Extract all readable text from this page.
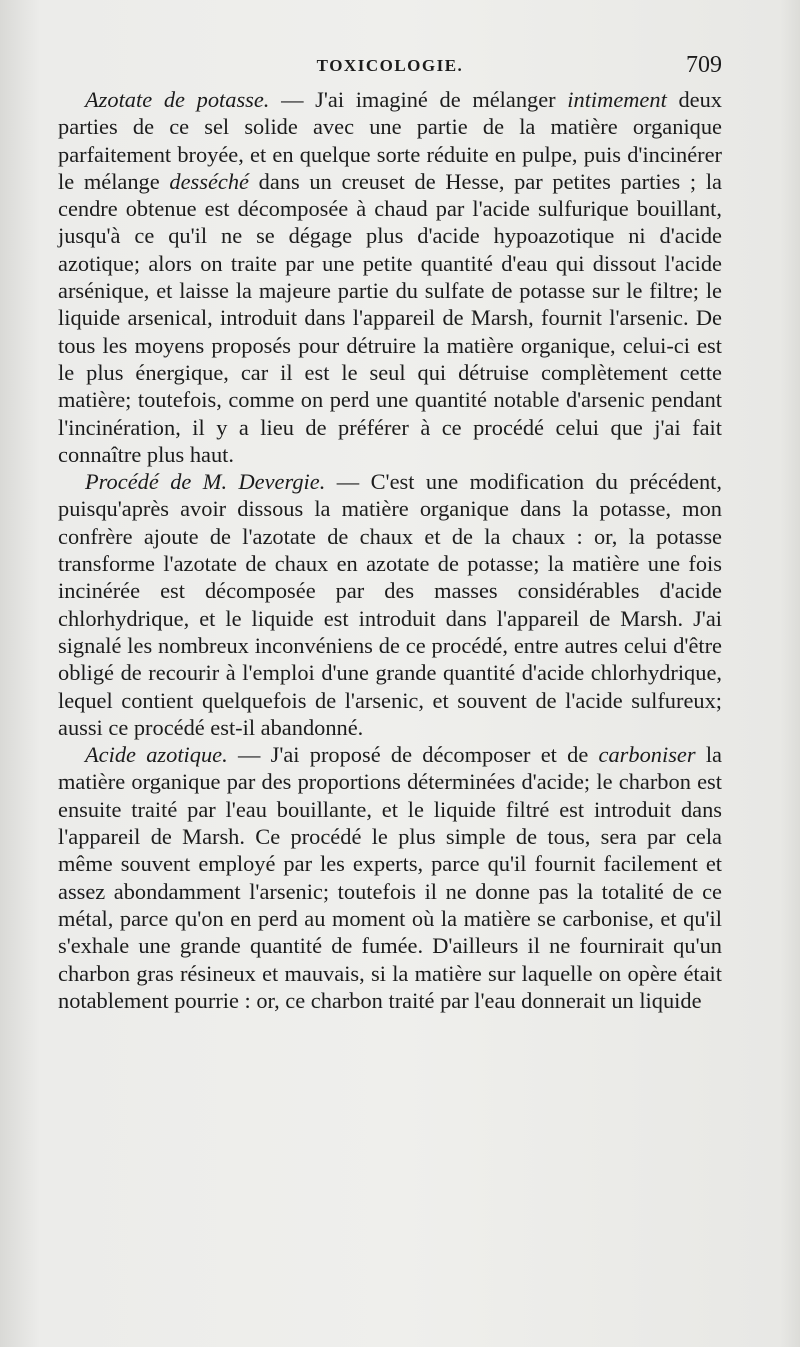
TOXICOLOGIE.	709

Azotate de potasse. — J'ai imaginé de mélanger intimement deux parties de ce sel solide avec une partie de la matière organique parfaitement broyée, et en quelque sorte réduite en pulpe, puis d'incinérer le mélange desséché dans un creuset de Hesse, par petites parties ; la cendre obtenue est décomposée à chaud par l'acide sulfurique bouillant, jusqu'à ce qu'il ne se dégage plus d'acide hypoazotique ni d'acide azotique; alors on traite par une petite quantité d'eau qui dissout l'acide arsénique, et laisse la majeure partie du sulfate de potasse sur le filtre; le liquide arsenical, introduit dans l'appareil de Marsh, fournit l'arsenic. De tous les moyens proposés pour détruire la matière organique, celui-ci est le plus énergique, car il est le seul qui détruise complètement cette matière; toutefois, comme on perd une quantité notable d'arsenic pendant l'incinération, il y a lieu de préférer à ce procédé celui que j'ai fait connaître plus haut.

Procédé de M. Devergie. — C'est une modification du précédent, puisqu'après avoir dissous la matière organique dans la potasse, mon confrère ajoute de l'azotate de chaux et de la chaux : or, la potasse transforme l'azotate de chaux en azotate de potasse; la matière une fois incinérée est décomposée par des masses considérables d'acide chlorhydrique, et le liquide est introduit dans l'appareil de Marsh. J'ai signalé les nombreux inconvéniens de ce procédé, entre autres celui d'être obligé de recourir à l'emploi d'une grande quantité d'acide chlorhydrique, lequel contient quelquefois de l'arsenic, et souvent de l'acide sulfureux; aussi ce procédé est-il abandonné.

Acide azotique. — J'ai proposé de décomposer et de carboniser la matière organique par des proportions déterminées d'acide; le charbon est ensuite traité par l'eau bouillante, et le liquide filtré est introduit dans l'appareil de Marsh. Ce procédé le plus simple de tous, sera par cela même souvent employé par les experts, parce qu'il fournit facilement et assez abondamment l'arsenic; toutefois il ne donne pas la totalité de ce métal, parce qu'on en perd au moment où la matière se carbonise, et qu'il s'exhale une grande quantité de fumée. D'ailleurs il ne fournirait qu'un charbon gras résineux et mauvais, si la matière sur laquelle on opère était notablement pourrie : or, ce charbon traité par l'eau donnerait un liquide
